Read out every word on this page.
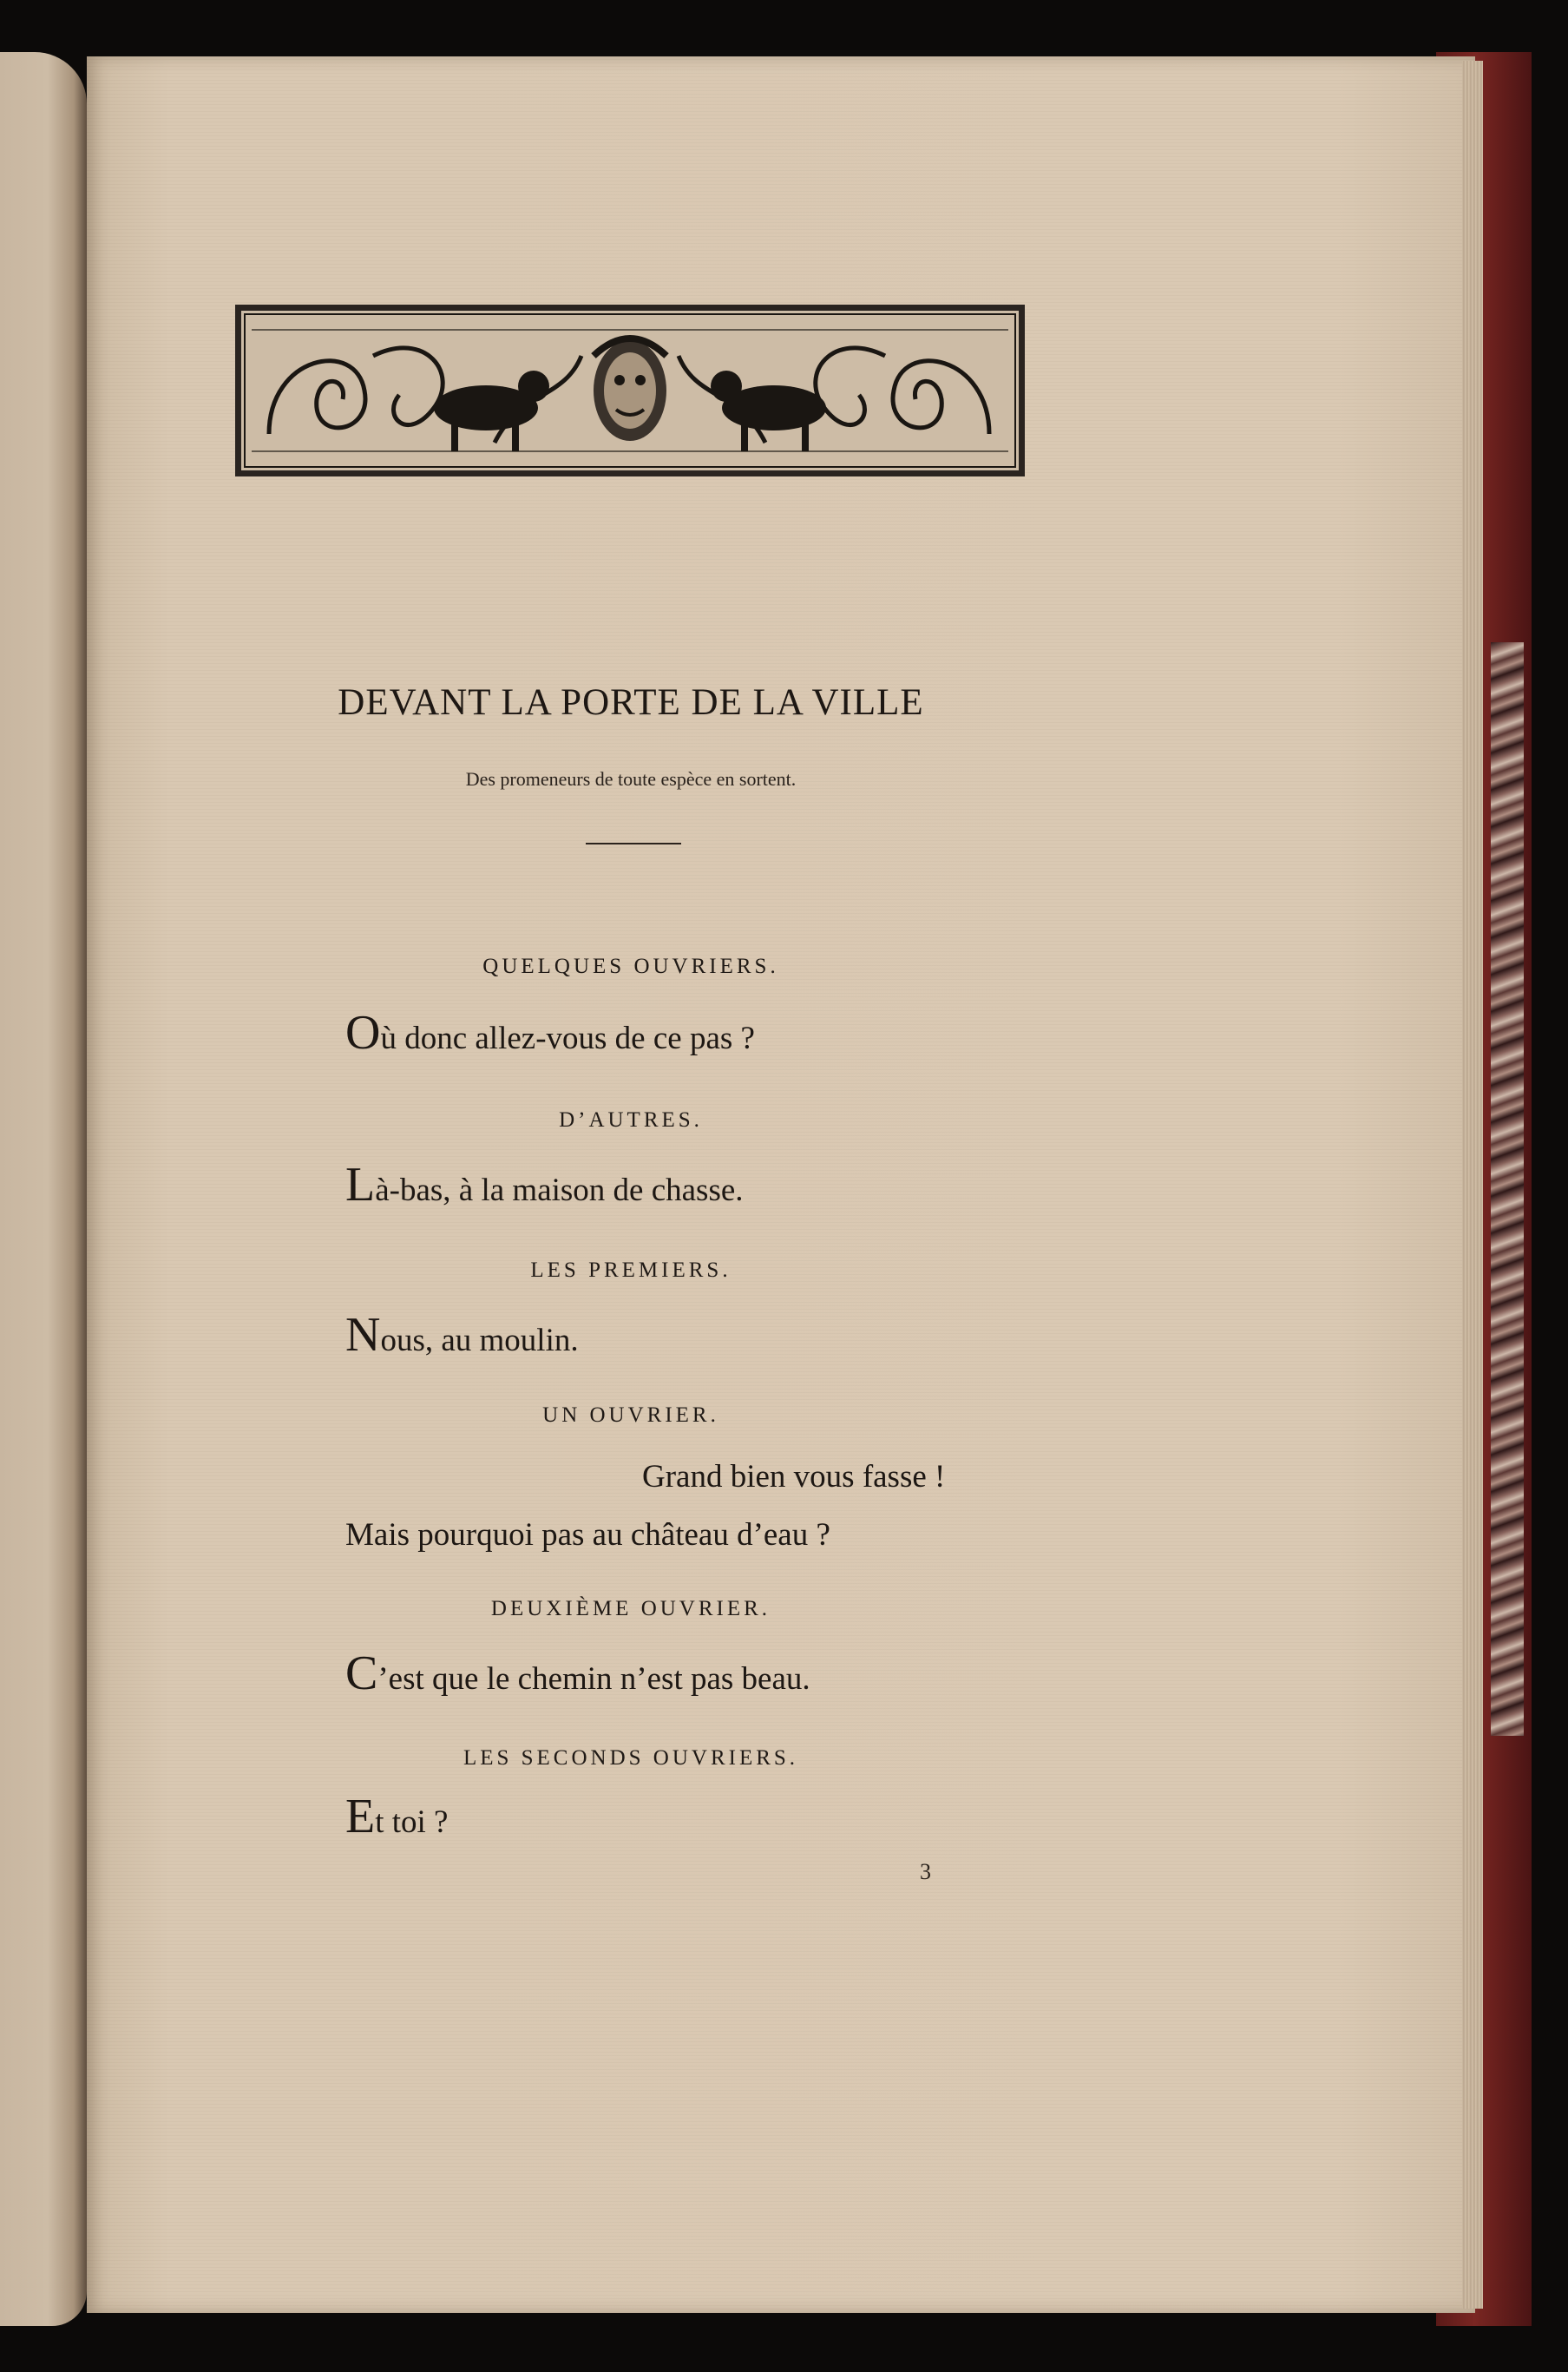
DEVANT LA PORTE DE LA VILLE
Des promeneurs de toute espèce en sortent.
QUELQUES OUVRIERS.
Où donc allez-vous de ce pas ?
D’AUTRES.
Là-bas, à la maison de chasse.
LES PREMIERS.
Nous, au moulin.
UN OUVRIER.
Grand bien vous fasse !
Mais pourquoi pas au château d’eau ?
DEUXIÈME OUVRIER.
C’est que le chemin n’est pas beau.
LES SECONDS OUVRIERS.
Et toi ?
3
